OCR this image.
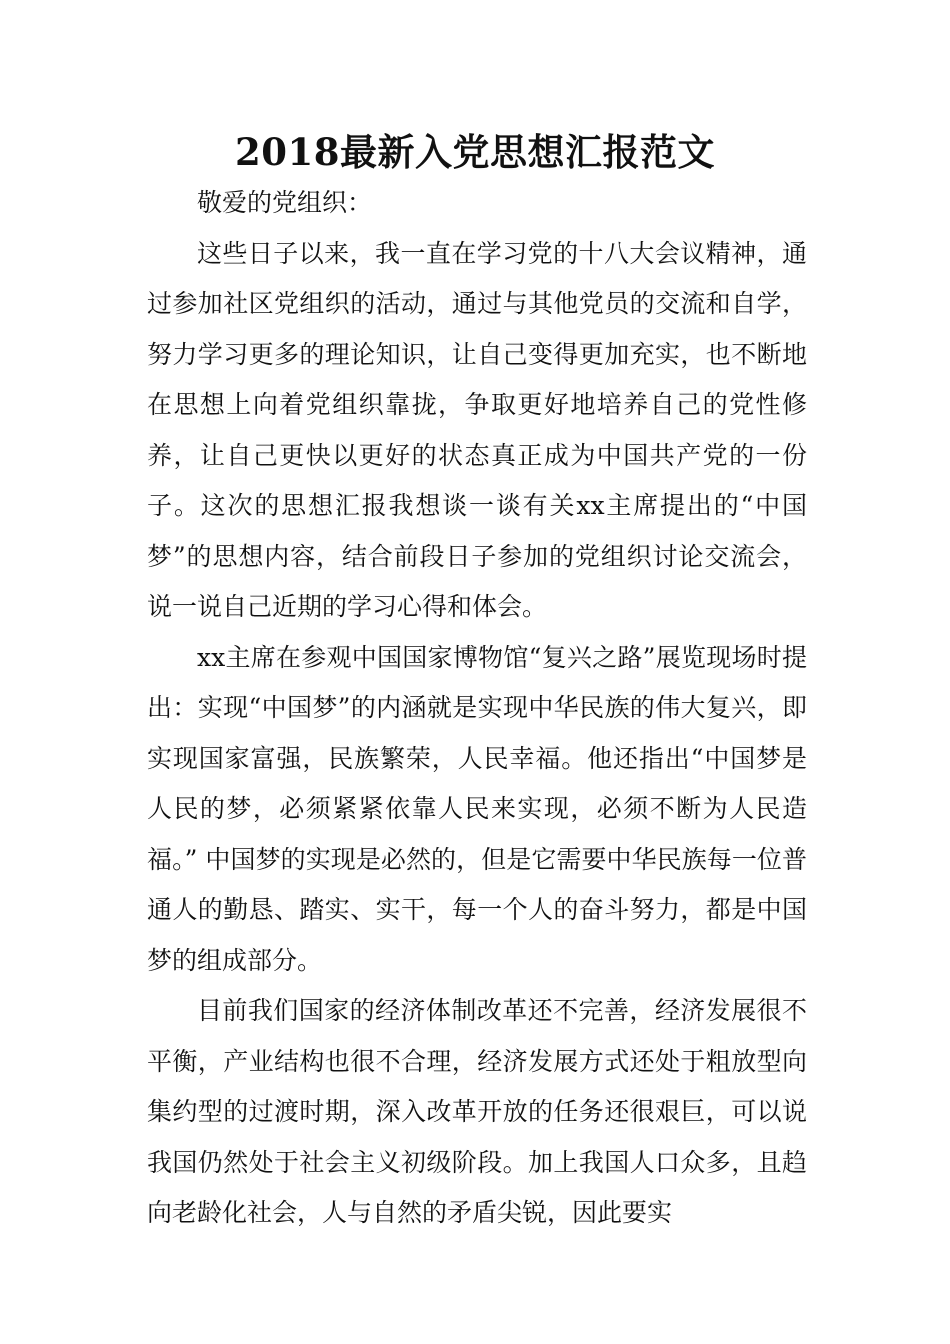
2018最新入党思想汇报范文

敬爱的党组织：

这些日子以来，我一直在学习党的十八大会议精神，通过参加社区党组织的活动，通过与其他党员的交流和自学，努力学习更多的理论知识，让自己变得更加充实，也不断地在思想上向着党组织靠拢，争取更好地培养自己的党性修养，让自己更快以更好的状态真正成为中国共产党的一份子。这次的思想汇报我想谈一谈有关xx主席提出的“中国梦”的思想内容，结合前段日子参加的党组织讨论交流会，说一说自己近期的学习心得和体会。

xx主席在参观中国国家博物馆“复兴之路”展览现场时提出：实现“中国梦”的内涵就是实现中华民族的伟大复兴，即实现国家富强，民族繁荣，人民幸福。他还指出“中国梦是人民的梦，必须紧紧依靠人民来实现，必须不断为人民造福。” 中国梦的实现是必然的，但是它需要中华民族每一位普通人的勤恳、踏实、实干，每一个人的奋斗努力，都是中国梦的组成部分。

目前我们国家的经济体制改革还不完善，经济发展很不平衡，产业结构也很不合理，经济发展方式还处于粗放型向集约型的过渡时期，深入改革开放的任务还很艰巨，可以说我国仍然处于社会主义初级阶段。加上我国人口众多，且趋向老龄化社会，人与自然的矛盾尖锐，因此要实
